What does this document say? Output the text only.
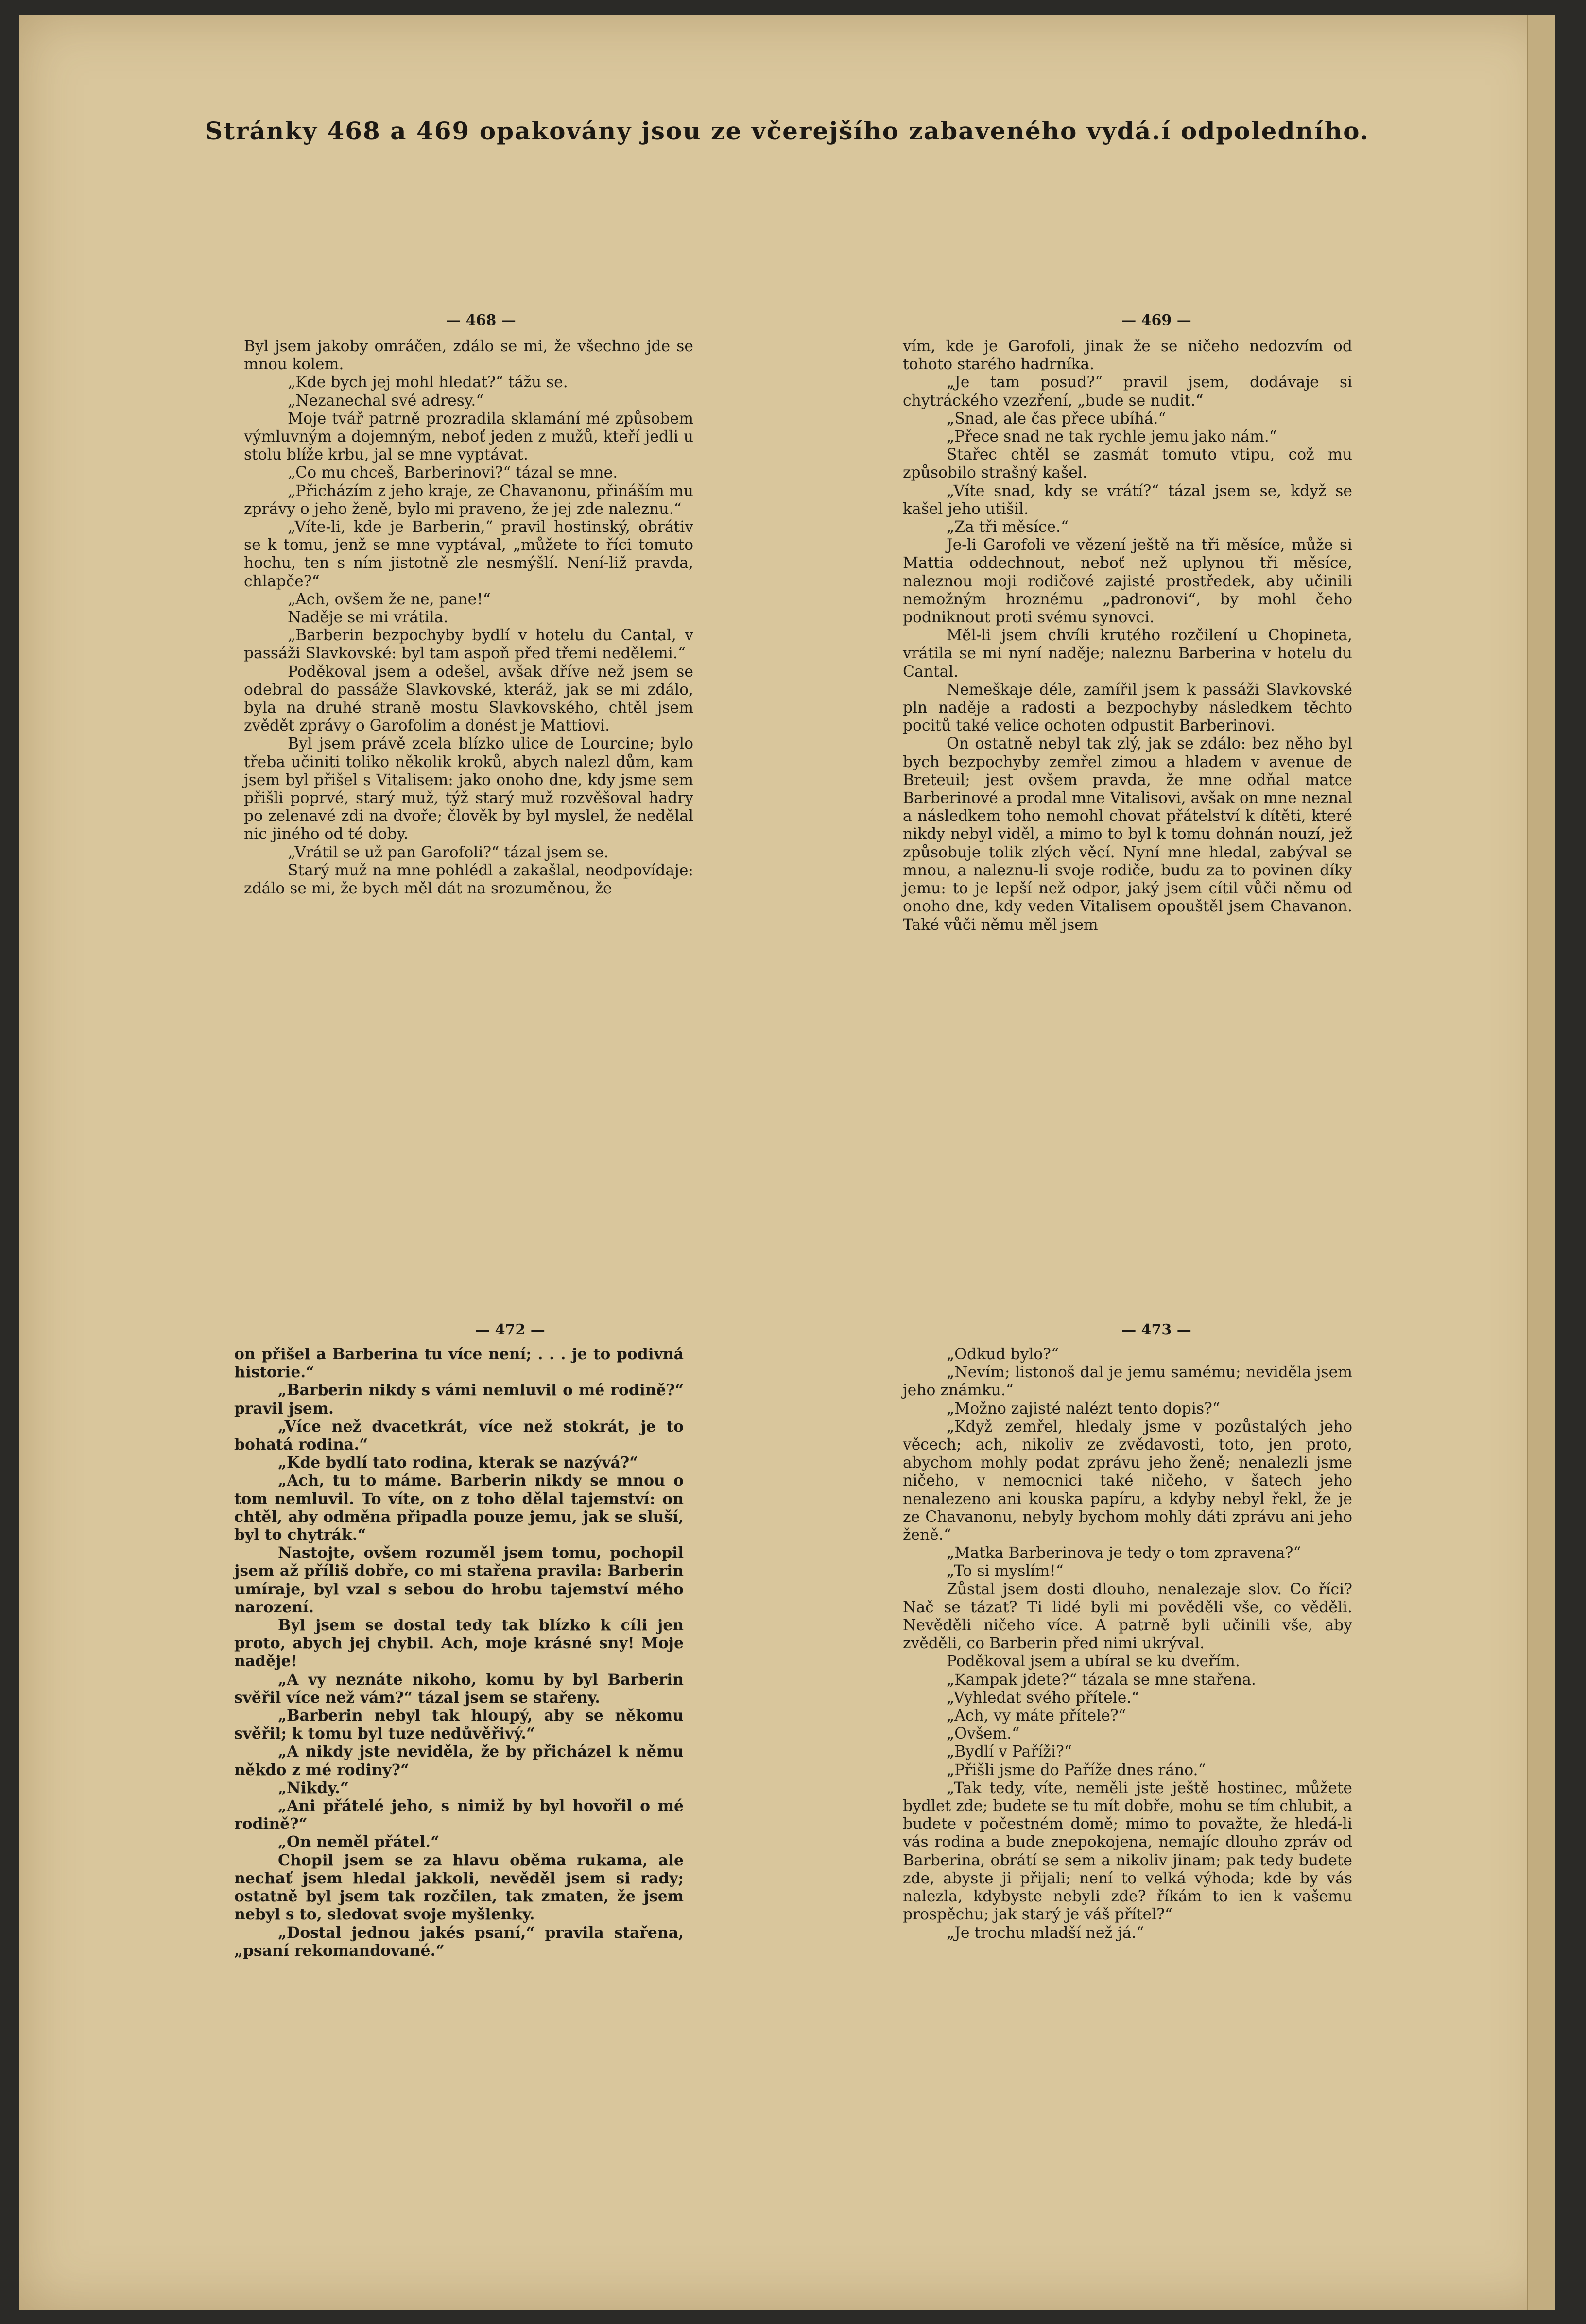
Stránky 468 a 469 opakovány jsou ze včerejšího zabaveného vydá.í odpoledního.
— 468 —	— 469 —
— 472 —	— 473 —

Byl jsem jakoby omráčen, zdálo se mi, že všechno jde se mnou kolem.

„Kde bych jej mohl hledat?“ tážu se.

„Nezanechal své adresy.“

Moje tvář patrně prozradila sklamání mé způsobem výmluvným a dojemným, neboť jeden z mužů, kteří jedli u stolu blíže krbu, jal se mne vyptávat.

„Co mu chceš, Barberinovi?“ tázal se mne.

„Přicházím z jeho kraje, ze Chavanonu, přináším mu zprávy o jeho ženě, bylo mi praveno, že jej zde naleznu.“

„Víte-li, kde je Barberin,“ pravil hostinský, obrátiv se k tomu, jenž se mne vyptával, „můžete to říci tomuto hochu, ten s ním jistotně zle nesmýšlí. Není-liž pravda, chlapče?“

„Ach, ovšem že ne, pane!“

Naděje se mi vrátila.

„Barberin bezpochyby bydlí v hotelu du Cantal, v passáži Slavkovské: byl tam aspoň před třemi nedělemi.“

Poděkoval jsem a odešel, avšak dříve než jsem se odebral do passáže Slavkovské, kteráž, jak se mi zdálo, byla na druhé straně mostu Slavkovského, chtěl jsem zvědět zprávy o Garofolim a donést je Mattiovi.

Byl jsem právě zcela blízko ulice de Lourcine; bylo třeba učiniti toliko několik kroků, abych nalezl dům, kam jsem byl přišel s Vitalisem: jako onoho dne, kdy jsme sem přišli poprvé, starý muž, týž starý muž rozvěšoval hadry po zelenavé zdi na dvoře; člověk by byl myslel, že nedělal nic jiného od té doby.

„Vrátil se už pan Garofoli?“ tázal jsem se.

Starý muž na mne pohlédl a zakašlal, neodpovídaje: zdálo se mi, že bych měl dát na srozuměnou, že

vím, kde je Garofoli, jinak že se ničeho nedozvím od tohoto starého hadrníka.

„Je tam posud?“ pravil jsem, dodávaje si chytráckého vzezření, „bude se nudit.“

„Snad, ale čas přece ubíhá.“

„Přece snad ne tak rychle jemu jako nám.“

Stařec chtěl se zasmát tomuto vtipu, což mu způsobilo strašný kašel.

„Víte snad, kdy se vrátí?“ tázal jsem se, když se kašel jeho utišil.

„Za tři měsíce.“

Je-li Garofoli ve vězení ještě na tři měsíce, může si Mattia oddechnout, neboť než uplynou tři měsíce, naleznou moji rodičové zajisté prostředek, aby učinili nemožným hroznému „padronovi“, by mohl čeho podniknout proti svému synovci.

Měl-li jsem chvíli krutého rozčilení u Chopineta, vrátila se mi nyní naděje; naleznu Barberina v hotelu du Cantal.

Nemeškaje déle, zamířil jsem k passáži Slavkovské pln naděje a radosti a bezpochyby následkem těchto pocitů také velice ochoten odpustit Barberinovi.

On ostatně nebyl tak zlý, jak se zdálo: bez něho byl bych bezpochyby zemřel zimou a hladem v avenue de Breteuil; jest ovšem pravda, že mne odňal matce Barberinové a prodal mne Vitalisovi, avšak on mne neznal a následkem toho nemohl chovat přátelství k dítěti, které nikdy nebyl viděl, a mimo to byl k tomu dohnán nouzí, jež způsobuje tolik zlých věcí. Nyní mne hledal, zabýval se mnou, a naleznu-li svoje rodiče, budu za to povinen díky jemu: to je lepší než odpor, jaký jsem cítil vůči němu od onoho dne, kdy veden Vitalisem opouštěl jsem Chavanon. Také vůči němu měl jsem

on přišel a Barberina tu více není; . . . je to podivná historie.“

„Barberin nikdy s vámi nemluvil o mé rodině?“ pravil jsem.

„Více než dvacetkrát, více než stokrát, je to bohatá rodina.“

„Kde bydlí tato rodina, kterak se nazývá?“

„Ach, tu to máme. Barberin nikdy se mnou o tom nemluvil. To víte, on z toho dělal tajemství: on chtěl, aby odměna připadla pouze jemu, jak se sluší, byl to chytrák.“

Nastojte, ovšem rozuměl jsem tomu, pochopil jsem až příliš dobře, co mi stařena pravila: Barberin umíraje, byl vzal s sebou do hrobu tajemství mého narození.

Byl jsem se dostal tedy tak blízko k cíli jen proto, abych jej chybil. Ach, moje krásné sny! Moje naděje!

„A vy neznáte nikoho, komu by byl Barberin svěřil více než vám?“ tázal jsem se stařeny.

„Barberin nebyl tak hloupý, aby se někomu svěřil; k tomu byl tuze nedůvěřivý.“

„A nikdy jste neviděla, že by přicházel k němu někdo z mé rodiny?“

„Nikdy.“

„Ani přátelé jeho, s nimiž by byl hovořil o mé rodině?“

„On neměl přátel.“

Chopil jsem se za hlavu oběma rukama, ale nechať jsem hledal jakkoli, nevěděl jsem si rady; ostatně byl jsem tak rozčilen, tak zmaten, že jsem nebyl s to, sledovat svoje myšlenky.

„Dostal jednou jakés psaní,“ pravila stařena, „psaní rekomandované.“

„Odkud bylo?“

„Nevím; listonoš dal je jemu samému; neviděla jsem jeho známku.“

„Možno zajisté nalézt tento dopis?“

„Když zemřel, hledaly jsme v pozůstalých jeho věcech; ach, nikoliv ze zvědavosti, toto, jen proto, abychom mohly podat zprávu jeho ženě; nenalezli jsme ničeho, v nemocnici také ničeho, v šatech jeho nenalezeno ani kouska papíru, a kdyby nebyl řekl, že je ze Chavanonu, nebyly bychom mohly dáti zprávu ani jeho ženě.“

„Matka Barberinova je tedy o tom zpravena?“

„To si myslím!“

Zůstal jsem dosti dlouho, nenalezaje slov. Co říci? Nač se tázat? Ti lidé byli mi pověděli vše, co věděli. Nevěděli ničeho více. A patrně byli učinili vše, aby zvěděli, co Barberin před nimi ukrýval.

Poděkoval jsem a ubíral se ku dveřím.

„Kampak jdete?“ tázala se mne stařena.

„Vyhledat svého přítele.“

„Ach, vy máte přítele?“

„Ovšem.“

„Bydlí v Paříži?“

„Přišli jsme do Paříže dnes ráno.“

„Tak tedy, víte, neměli jste ještě hostinec, můžete bydlet zde; budete se tu mít dobře, mohu se tím chlubit, a budete v počestném domě; mimo to považte, že hledá-li vás rodina a bude znepokojena, nemajíc dlouho zpráv od Barberina, obrátí se sem a nikoliv jinam; pak tedy budete zde, abyste ji přijali; není to velká výhoda; kde by vás nalezla, kdybyste nebyli zde? říkám to ien k vašemu prospěchu; jak starý je váš přítel?“

„Je trochu mladší než já.“
